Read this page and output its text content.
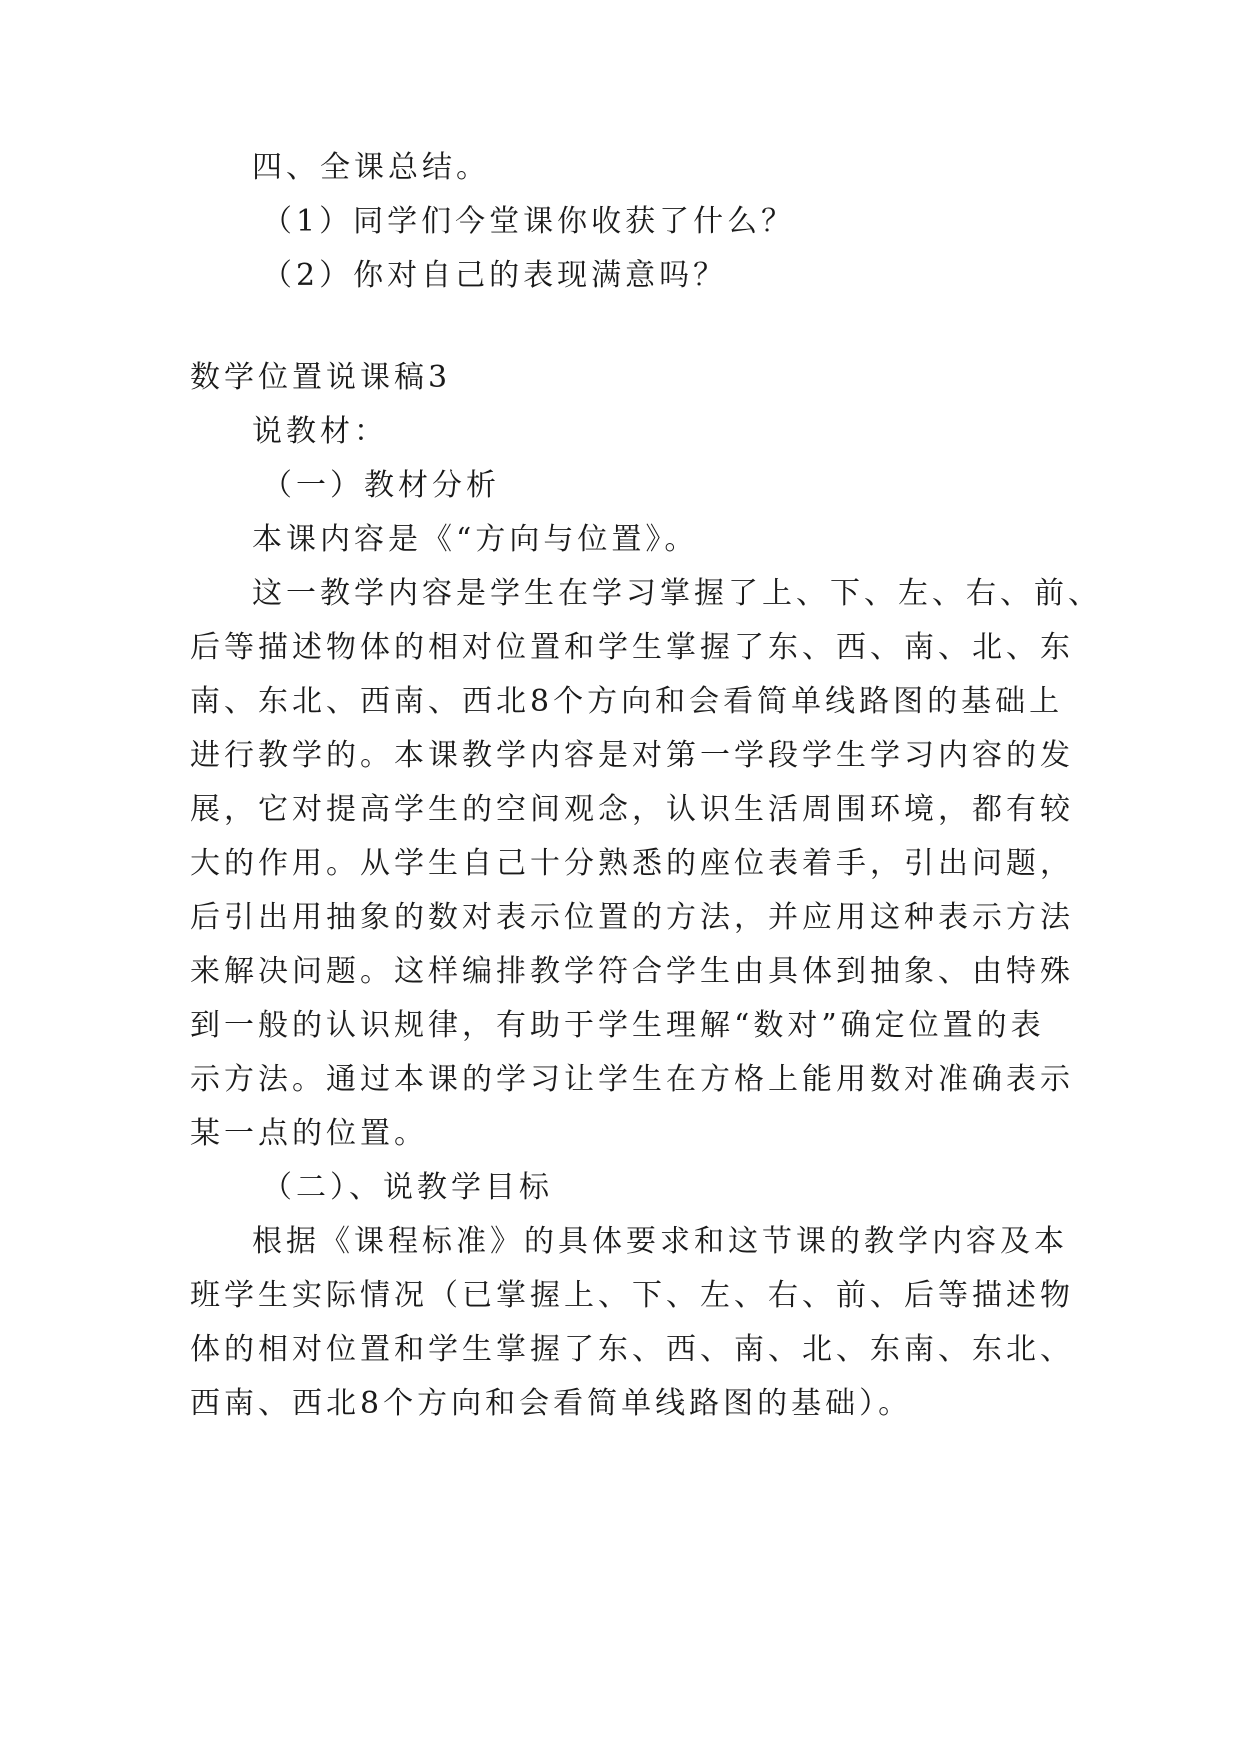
四、全课总结。
（1）同学们今堂课你收获了什么？
（2）你对自己的表现满意吗？
数学位置说课稿3
说教材：
（一）教材分析
本课内容是《“方向与位置》。
这一教学内容是学生在学习掌握了上、下、左、右、前、
后等描述物体的相对位置和学生掌握了东、西、南、北、东
南、东北、西南、西北8个方向和会看简单线路图的基础上
进行教学的。本课教学内容是对第一学段学生学习内容的发
展，它对提高学生的空间观念，认识生活周围环境，都有较
大的作用。从学生自己十分熟悉的座位表着手，引出问题，
后引出用抽象的数对表示位置的方法，并应用这种表示方法
来解决问题。这样编排教学符合学生由具体到抽象、由特殊
到一般的认识规律，有助于学生理解“数对”确定位置的表
示方法。通过本课的学习让学生在方格上能用数对准确表示
某一点的位置。
（二）、说教学目标
根据《课程标准》的具体要求和这节课的教学内容及本
班学生实际情况（已掌握上、下、左、右、前、后等描述物
体的相对位置和学生掌握了东、西、南、北、东南、东北、
西南、西北8个方向和会看简单线路图的基础）。
